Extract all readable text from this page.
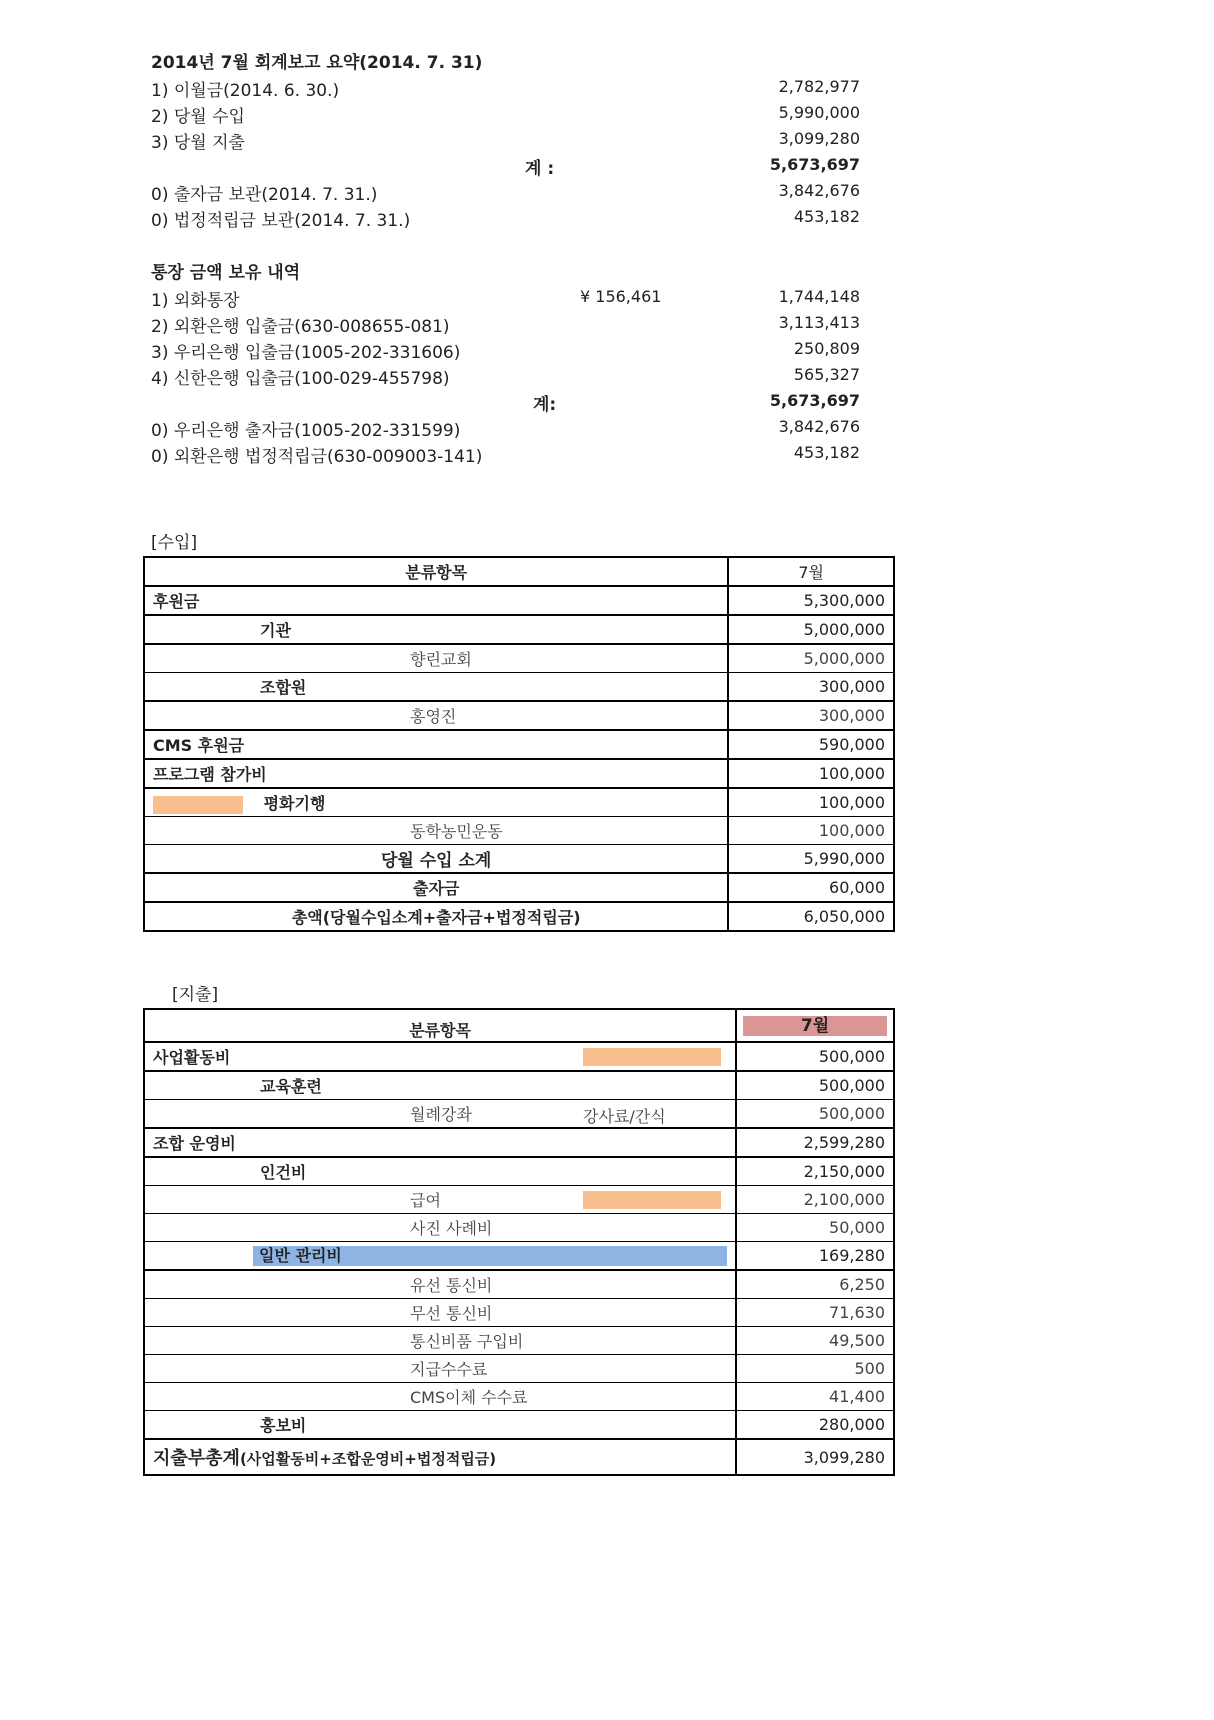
2014년 7월 회계보고 요약(2014. 7. 31)
1) 이월금(2014. 6. 30.)	2,782,977
2) 당월 수입	5,990,000
3) 당월 지출	3,099,280
계 :	5,673,697
0) 출자금 보관(2014. 7. 31.)	3,842,676
0) 법정적립금 보관(2014. 7. 31.)	453,182
통장 금액 보유 내역
1) 외화통장	¥ 156,461	1,744,148
2) 외환은행 입출금(630-008655-081)	3,113,413
3) 우리은행 입출금(1005-202-331606)	250,809
4) 신한은행 입출금(100-029-455798)	565,327
계:	5,673,697
0) 우리은행 출자금(1005-202-331599)	3,842,676
0) 외환은행 법정적립금(630-009003-141)	453,182
[수입]
분류항목	7월
후원금	5,300,000
기관	5,000,000
향린교회	5,000,000
조합원	300,000
홍영진	300,000
CMS 후원금	590,000
프로그램 참가비	100,000
평화기행	100,000
동학농민운동	100,000
당월 수입 소계	5,990,000
출자금	60,000
총액(당월수입소계+출자금+법정적립금)	6,050,000
[지출]
분류항목	7월
사업활동비	500,000
교육훈련	500,000
월례강좌 강사료/간식	500,000
조합 운영비	2,599,280
인건비	2,150,000
급여	2,100,000
사진 사례비	50,000

일반 관리비	169,280
유선 통신비	6,250
무선 통신비	71,630
통신비품 구입비	49,500
지급수수료	500
CMS이체 수수료	41,400
홍보비	280,000
지출부총계(사업활동비+조합운영비+법정적립금)	3,099,280
